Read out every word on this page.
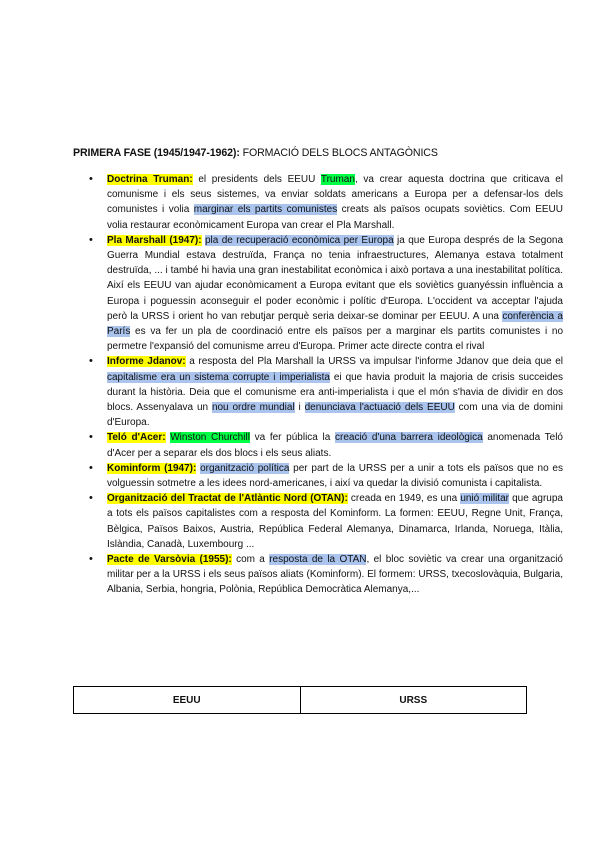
PRIMERA FASE (1945/1947-1962): FORMACIÓ DELS BLOCS ANTAGÒNICS
• Doctrina Truman: el presidents dels EEUU Truman, va crear aquesta doctrina que criticava el comunisme i els seus sistemes, va enviar soldats americans a Europa per a defensar-los dels comunistes i volia marginar els partits comunistes creats als països ocupats soviètics. Com EEUU volia restaurar econòmicament Europa van crear el Pla Marshall.
• Pla Marshall (1947): pla de recuperació econòmica per Europa ja que Europa després de la Segona Guerra Mundial estava destruïda, França no tenia infraestructures, Alemanya estava totalment destruïda, ... i també hi havia una gran inestabilitat econòmica i això portava a una inestabilitat política. Així els EEUU van ajudar econòmicament a Europa evitant que els soviètics guanyéssin influència a Europa i poguessin aconseguir el poder econòmic i polític d'Europa. L'occident va acceptar l'ajuda però la URSS i orient ho van rebutjar perquè seria deixar-se dominar per EEUU. A una conferència a París es va fer un pla de coordinació entre els països per a marginar els partits comunistes i no permetre l'expansió del comunisme arreu d'Europa. Primer acte directe contra el rival
• Informe Jdanov: a resposta del Pla Marshall la URSS va impulsar l'informe Jdanov que deia que el capitalisme era un sistema corrupte i imperialista ei que havia produit la majoria de crisis succeides durant la història. Deia que el comunisme era anti-imperialista i que el món s'havia de dividir en dos blocs. Assenyalava un nou ordre mundial i denunciava l'actuació dels EEUU com una via de domini d'Europa.
• Teló d'Acer: Winston Churchill va fer pública la creació d'una barrera ideològica anomenada Teló d'Acer per a separar els dos blocs i els seus aliats.
• Kominform (1947): organització política per part de la URSS per a unir a tots els països que no es volguessin sotmetre a les idees nord-americanes, i així va quedar la divisió comunista i capitalista.
• Organització del Tractat de l'Atlàntic Nord (OTAN): creada en 1949, es una unió militar que agrupa a tots els països capitalistes com a resposta del Kominform. La formen: EEUU, Regne Unit, França, Bèlgica, Països Baixos, Austria, República Federal Alemanya, Dinamarca, Irlanda, Noruega, Itàlia, Islàndia, Canadà, Luxembourg ...
• Pacte de Varsòvia (1955): com a resposta de la OTAN, el bloc soviètic va crear una organització militar per a la URSS i els seus països aliats (Kominform). El formem: URSS, txecoslovàquia, Bulgaria, Albania, Serbia, hongria, Polònia, República Democràtica Alemanya,...
EEUU	URSS
